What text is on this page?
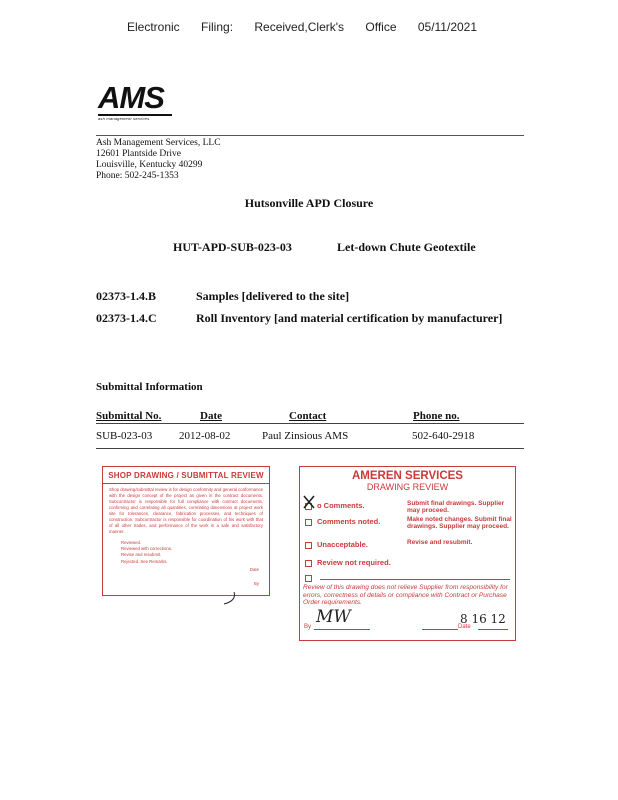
Electronic Filing: Received,Clerk's Office 05/11/2021
AMS
ash management services
Ash Management Services, LLC
12601 Plantside Drive
Louisville, Kentucky 40299
Phone: 502-245-1353
Hutsonville APD Closure
HUT-APD-SUB-023-03	Let-down Chute Geotextile
02373-1.4.B	Samples [delivered to the site]
02373-1.4.C	Roll Inventory [and material certification by manufacturer]
Submittal Information
Submittal No.	Date	Contact	Phone no.
SUB-023-03 2012-08-02	Paul Zinsious AMS	502-640-2918
SHOP DRAWING / SUBMITTAL REVIEW
Shop drawing/submittal review is for design conformity and general conformance with the design concept of the project as given in the contract documents. Subcontractor is responsible for full compliance with contract documents, confirming and correlating all quantities, correlating dimensions at project work site for tolerances, clearance, fabrication processes, and techniques of construction. Subcontractor is responsible for coordination of his work with that of all other trades, and performance of the work in a safe and satisfactory manner.
Reviewed.
Reviewed with corrections.
Revise and resubmit.
Rejected. See Remarks.
Date
By
AMEREN SERVICES
DRAWING REVIEW
o Comments.
Comments noted.
Unacceptable.
Review not required.
Submit final drawings. Supplier may proceed.
Make noted changes. Submit final drawings. Supplier may proceed.
Revise and resubmit.
Review of this drawing does not relieve Supplier from responsibility for errors, correctness of details or compliance with Contract or Purchase Order requirements.
By MW	Date
8 16 12
